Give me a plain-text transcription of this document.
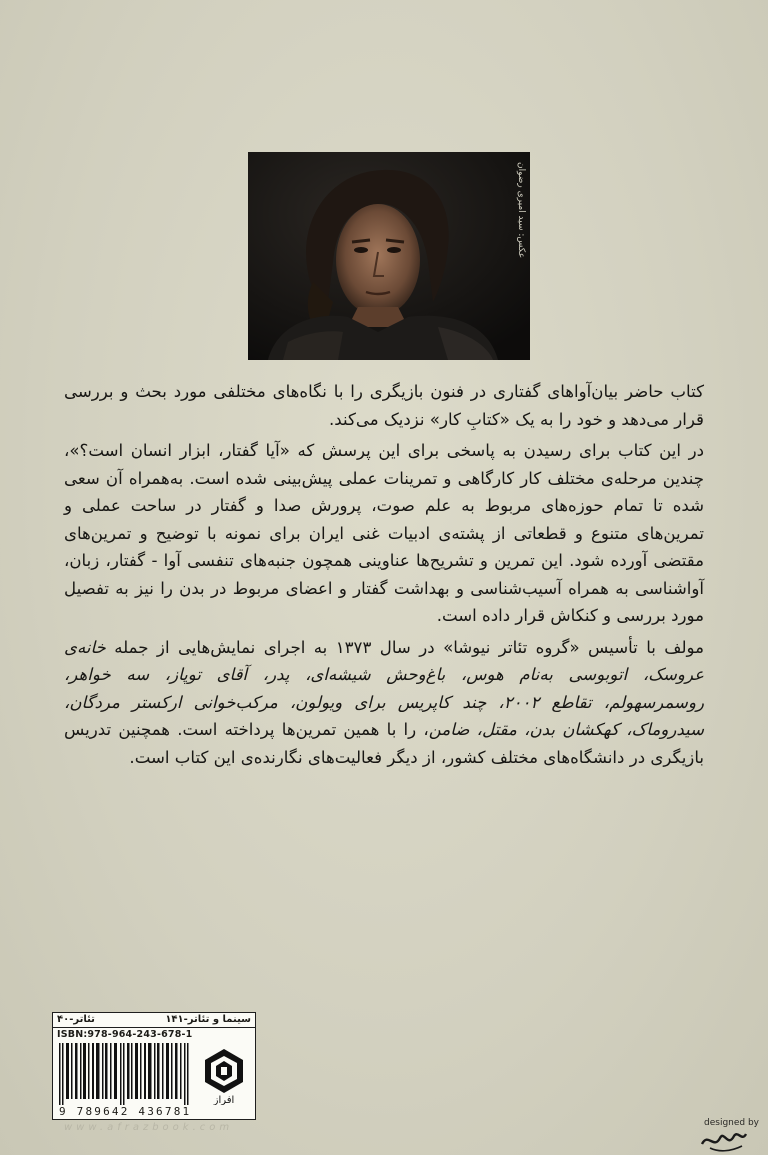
عکس: سید امیری رضوان

کتاب حاضر بیان‌آواهای گفتاری در فنون بازیگری را با نگاه‌های مختلفی مورد بحث و بررسی قرار می‌دهد و خود را به یک «کتابِ کار» نزدیک می‌کند.

در این کتاب برای رسیدن به پاسخی برای این پرسش که «آیا گفتار، ابزار انسان است؟»، چندین مرحله‌ی مختلف کار کارگاهی و تمرینات عملی پیش‌بینی شده است. به‌همراه آن سعی شده تا تمام حوزه‌های مربوط به علم صوت، پرورش صدا و گفتار در ساحت عملی و تمرین‌های متنوع و قطعاتی از پشته‌ی ادبیات غنی ایران برای نمونه با توضیح و تمرین‌های مقتضی آورده شود. این تمرین و تشریح‌ها عناوینی همچون جنبه‌های تنفسی آوا - گفتار، زبان، آواشناسی به همراه آسیب‌شناسی و بهداشت گفتار و اعضای مربوط در بدن را نیز به تفصیل مورد بررسی و کنکاش قرار داده است.

مولف با تأسیس «گروه تئاتر نیوشا» در سال ۱۳۷۳ به اجرای نمایش‌هایی از جمله خانه‌ی عروسک، اتوبوسی به‌نام هوس، باغ‌وحش شیشه‌ای، پدر، آقای توپاز، سه خواهر، روسمرسهولم، تقاطع ۲۰۰۲، چند کاپریس برای ویولون، مرکب‌خوانی ارکستر مردگان، سیدروماک، کهکشان بدن، مقتل، ضامن، را با همین تمرین‌ها پرداخته است. همچنین تدریس بازیگری در دانشگاه‌های مختلف کشور، از دیگر فعالیت‌های نگارنده‌ی این کتاب است.

سینما و تئاتر-۱۴۱
تئاتر-۴۰
ISBN:978-964-243-678-1
9 789642 436781
افراز
www.afrazbook.com	designed by
